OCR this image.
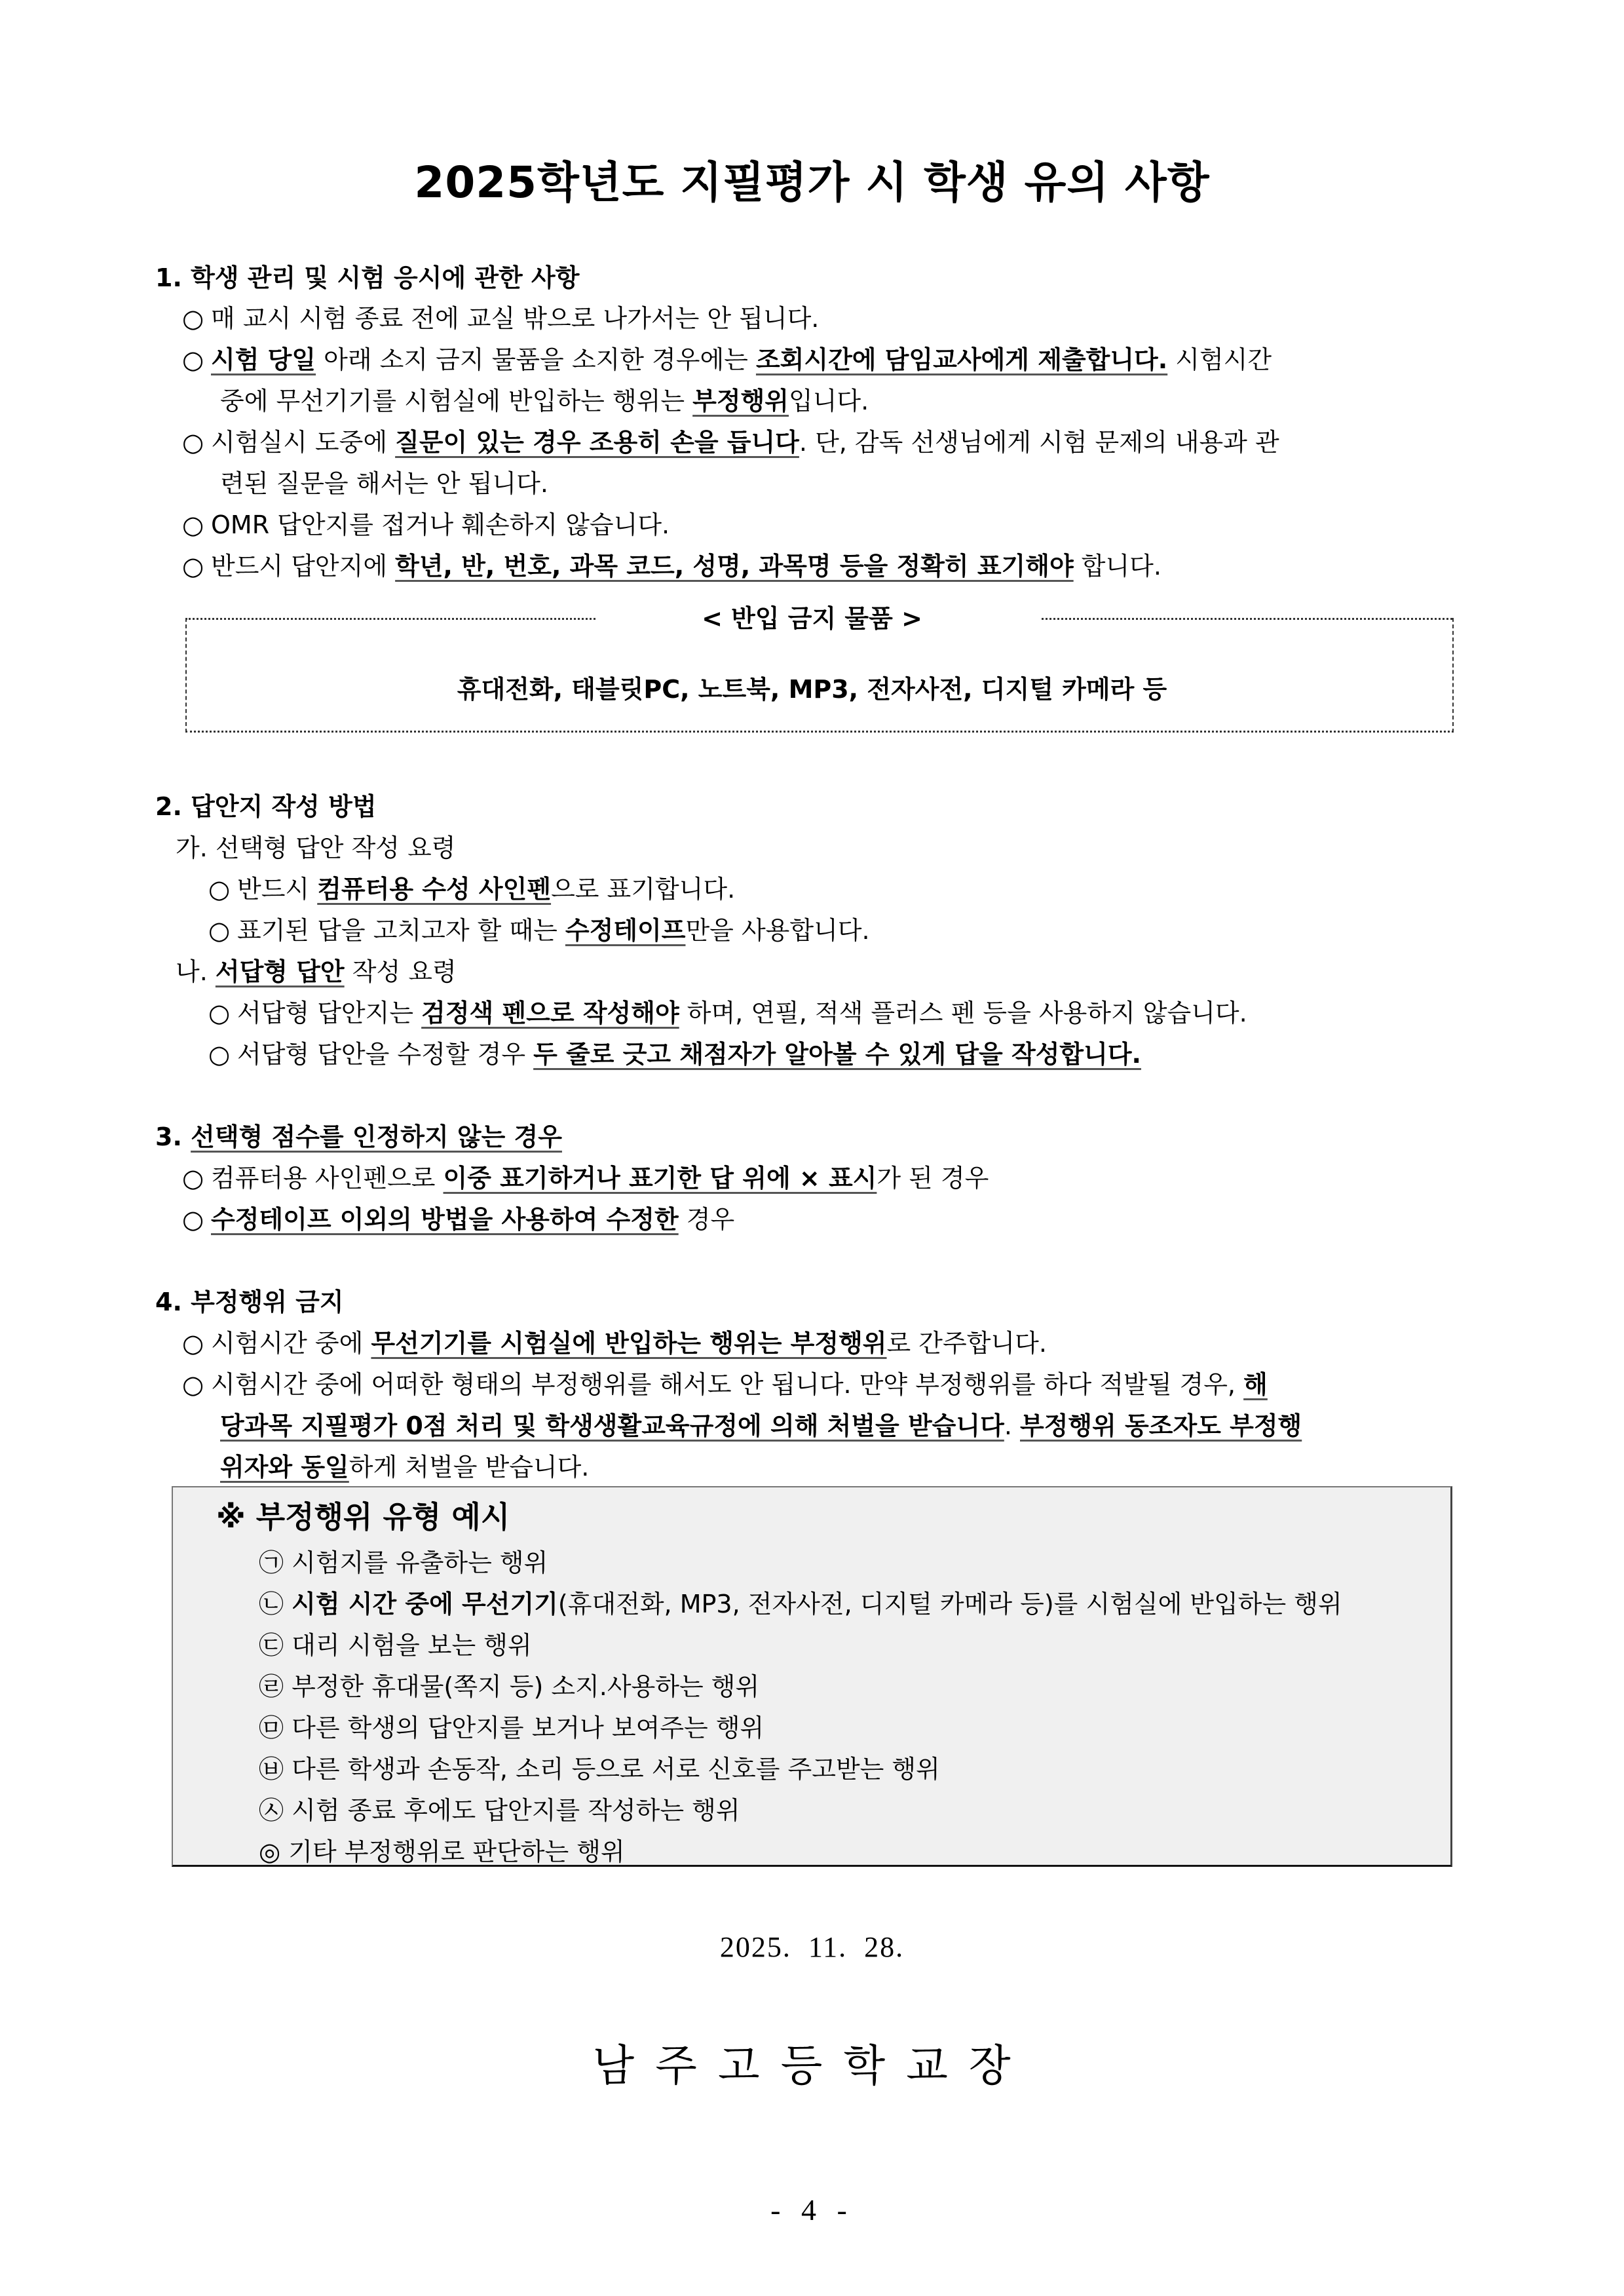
2025학년도 지필평가 시 학생 유의 사항
1. 학생 관리 및 시험 응시에 관한 사항
○ 매 교시 시험 종료 전에 교실 밖으로 나가서는 안 됩니다.
○ 시험 당일 아래 소지 금지 물품을 소지한 경우에는 조회시간에 담임교사에게 제출합니다. 시험시간
중에 무선기기를 시험실에 반입하는 행위는 부정행위입니다.
○ 시험실시 도중에 질문이 있는 경우 조용히 손을 듭니다. 단, 감독 선생님에게 시험 문제의 내용과 관
련된 질문을 해서는 안 됩니다.
○ OMR 답안지를 접거나 훼손하지 않습니다.
○ 반드시 답안지에 학년, 반, 번호, 과목 코드, 성명, 과목명 등을 정확히 표기해야 합니다.
< 반입 금지 물품 >
휴대전화, 태블릿PC, 노트북, MP3, 전자사전, 디지털 카메라 등
2. 답안지 작성 방법
가. 선택형 답안 작성 요령
○ 반드시 컴퓨터용 수성 사인펜으로 표기합니다.
○ 표기된 답을 고치고자 할 때는 수정테이프만을 사용합니다.
나. 서답형 답안 작성 요령
○ 서답형 답안지는 검정색 펜으로 작성해야 하며, 연필, 적색 플러스 펜 등을 사용하지 않습니다.
○ 서답형 답안을 수정할 경우 두 줄로 긋고 채점자가 알아볼 수 있게 답을 작성합니다.
3. 선택형 점수를 인정하지 않는 경우
○ 컴퓨터용 사인펜으로 이중 표기하거나 표기한 답 위에 × 표시가 된 경우
○ 수정테이프 이외의 방법을 사용하여 수정한 경우
4. 부정행위 금지
○ 시험시간 중에 무선기기를 시험실에 반입하는 행위는 부정행위로 간주합니다.
○ 시험시간 중에 어떠한 형태의 부정행위를 해서도 안 됩니다. 만약 부정행위를 하다 적발될 경우, 해
당과목 지필평가 0점 처리 및 학생생활교육규정에 의해 처벌을 받습니다. 부정행위 동조자도 부정행
위자와 동일하게 처벌을 받습니다.
※ 부정행위 유형 예시
㉠ 시험지를 유출하는 행위
㉡ 시험 시간 중에 무선기기(휴대전화, MP3, 전자사전, 디지털 카메라 등)를 시험실에 반입하는 행위
㉢ 대리 시험을 보는 행위
㉣ 부정한 휴대물(쪽지 등) 소지.사용하는 행위
㉤ 다른 학생의 답안지를 보거나 보여주는 행위
㉥ 다른 학생과 손동작, 소리 등으로 서로 신호를 주고받는 행위
㉦ 시험 종료 후에도 답안지를 작성하는 행위
◎ 기타 부정행위로 판단하는 행위
2025.  11.  28.
남주고등학교장
- 4 -
